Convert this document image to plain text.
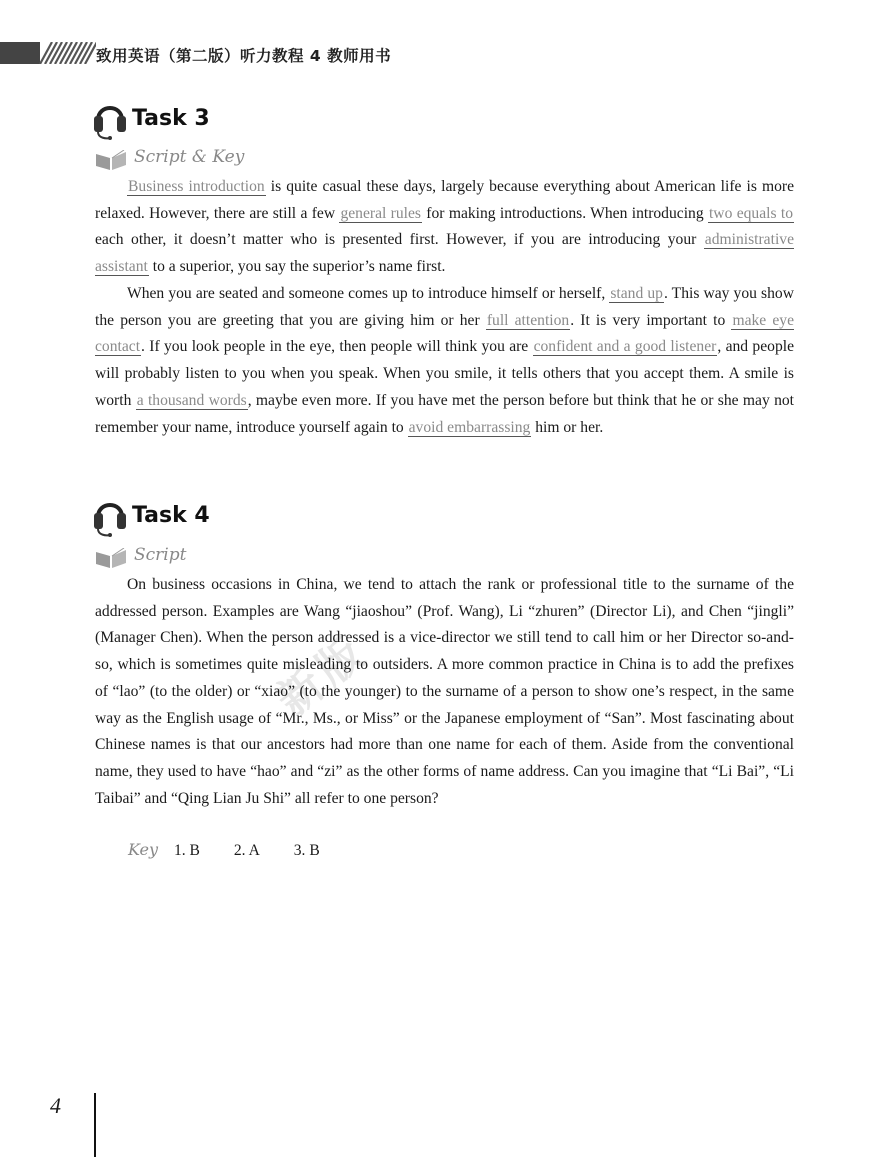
致用英语（第二版）听力教程 4 教师用书
新版
Task 3
Script & Key

Business introduction is quite casual these days, largely because everything about American life is more relaxed. However, there are still a few general rules for making introductions. When introducing two equals to each other, it doesn’t matter who is presented first. However, if you are introducing your administrative assistant to a superior, you say the superior’s name first.

When you are seated and someone comes up to introduce himself or herself, stand up. This way you show the person you are greeting that you are giving him or her full attention. It is very important to make eye contact. If you look people in the eye, then people will think you are confident and a good listener, and people will probably listen to you when you speak. When you smile, it tells others that you accept them. A smile is worth a thousand words, maybe even more. If you have met the person before but think that he or she may not remember your name, introduce yourself again to avoid embarrassing him or her.

Task 4
Script

On business occasions in China, we tend to attach the rank or professional title to the surname of the addressed person. Examples are Wang “jiaoshou” (Prof. Wang), Li “zhuren” (Director Li), and Chen “jingli” (Manager Chen). When the person addressed is a vice-director we still tend to call him or her Director so-and-so, which is sometimes quite misleading to outsiders. A more common practice in China is to add the prefixes of “lao” (to the older) or “xiao” (to the younger) to the surname of a person to show one’s respect, in the same way as the English usage of “Mr., Ms., or Miss” or the Japanese employment of “San”. Most fascinating about Chinese names is that our ancestors had more than one name for each of them. Aside from the conventional name, they used to have “hao” and “zi” as the other forms of name address. Can you imagine that “Li Bai”, “Li Taibai” and “Qing Lian Ju Shi” all refer to one person?

Key 1. B 2. A 3. B
4
